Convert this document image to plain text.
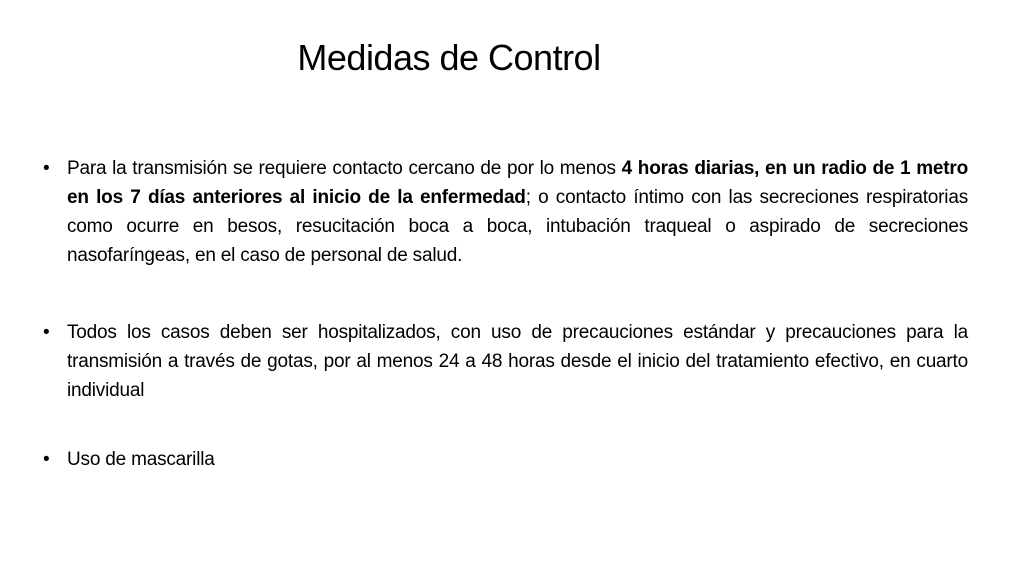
Medidas de Control
• Para la transmisión se requiere contacto cercano de por lo menos 4 horas diarias, en un radio de 1 metro en los 7 días anteriores al inicio de la enfermedad; o contacto íntimo con las secreciones respiratorias como ocurre en besos, resucitación boca a boca, intubación traqueal o aspirado de secreciones nasofaríngeas, en el caso de personal de salud.
• Todos los casos deben ser hospitalizados, con uso de precauciones estándar y precauciones para la transmisión a través de gotas, por al menos 24 a 48 horas desde el inicio del tratamiento efectivo, en cuarto individual
• Uso de mascarilla
